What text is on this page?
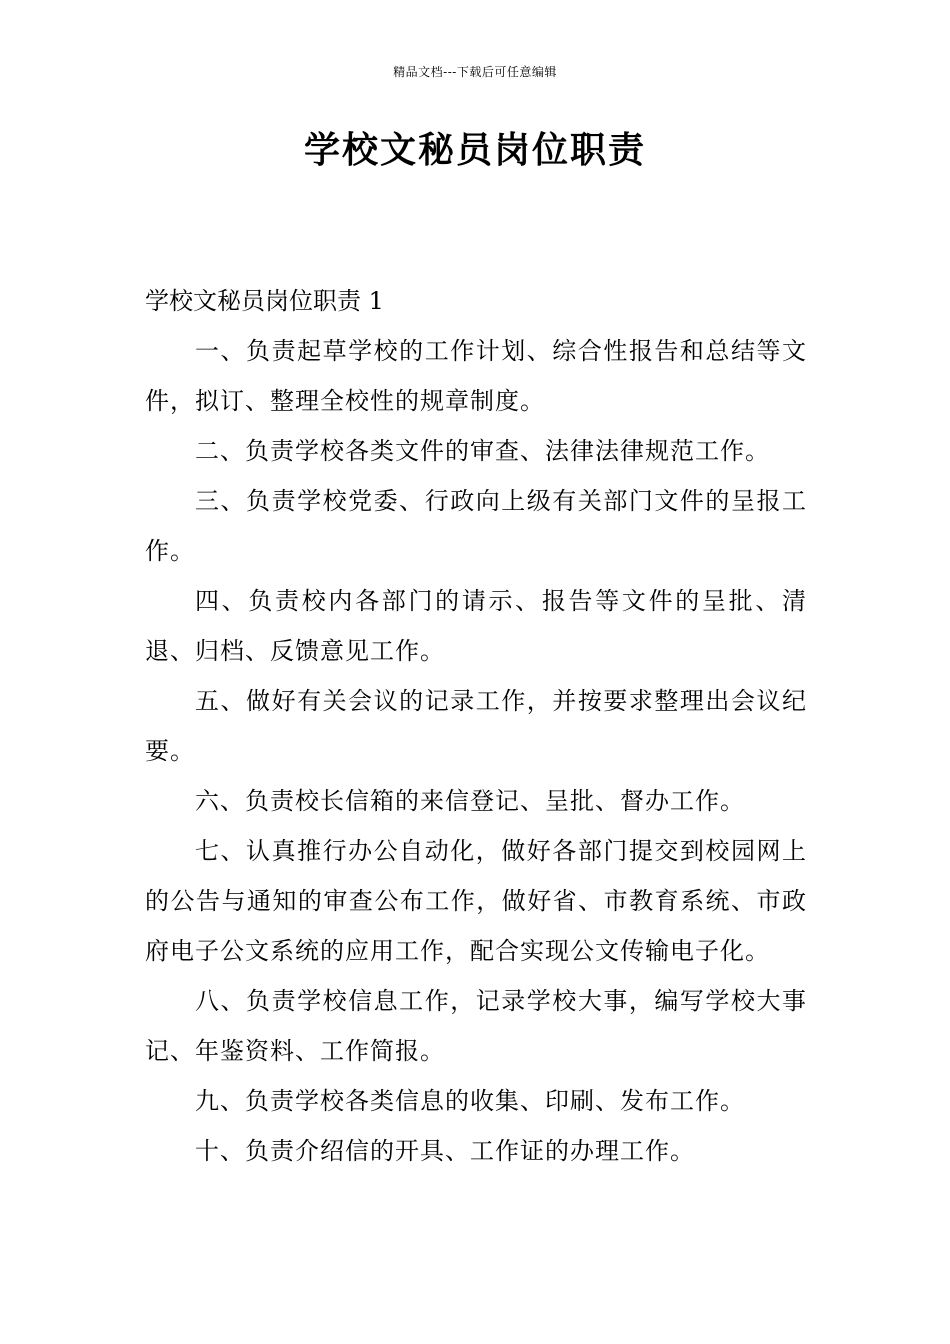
精品文档---下载后可任意编辑
学校文秘员岗位职责

学校文秘员岗位职责 1

一、负责起草学校的工作计划、综合性报告和总结等文件，拟订、整理全校性的规章制度。

二、负责学校各类文件的审查、法律法律规范工作。

三、负责学校党委、行政向上级有关部门文件的呈报工作。

四、负责校内各部门的请示、报告等文件的呈批、清退、归档、反馈意见工作。

五、做好有关会议的记录工作，并按要求整理出会议纪要。

六、负责校长信箱的来信登记、呈批、督办工作。

七、认真推行办公自动化，做好各部门提交到校园网上的公告与通知的审查公布工作，做好省、市教育系统、市政府电子公文系统的应用工作，配合实现公文传输电子化。

八、负责学校信息工作，记录学校大事，编写学校大事记、年鉴资料、工作简报。

九、负责学校各类信息的收集、印刷、发布工作。

十、负责介绍信的开具、工作证的办理工作。
